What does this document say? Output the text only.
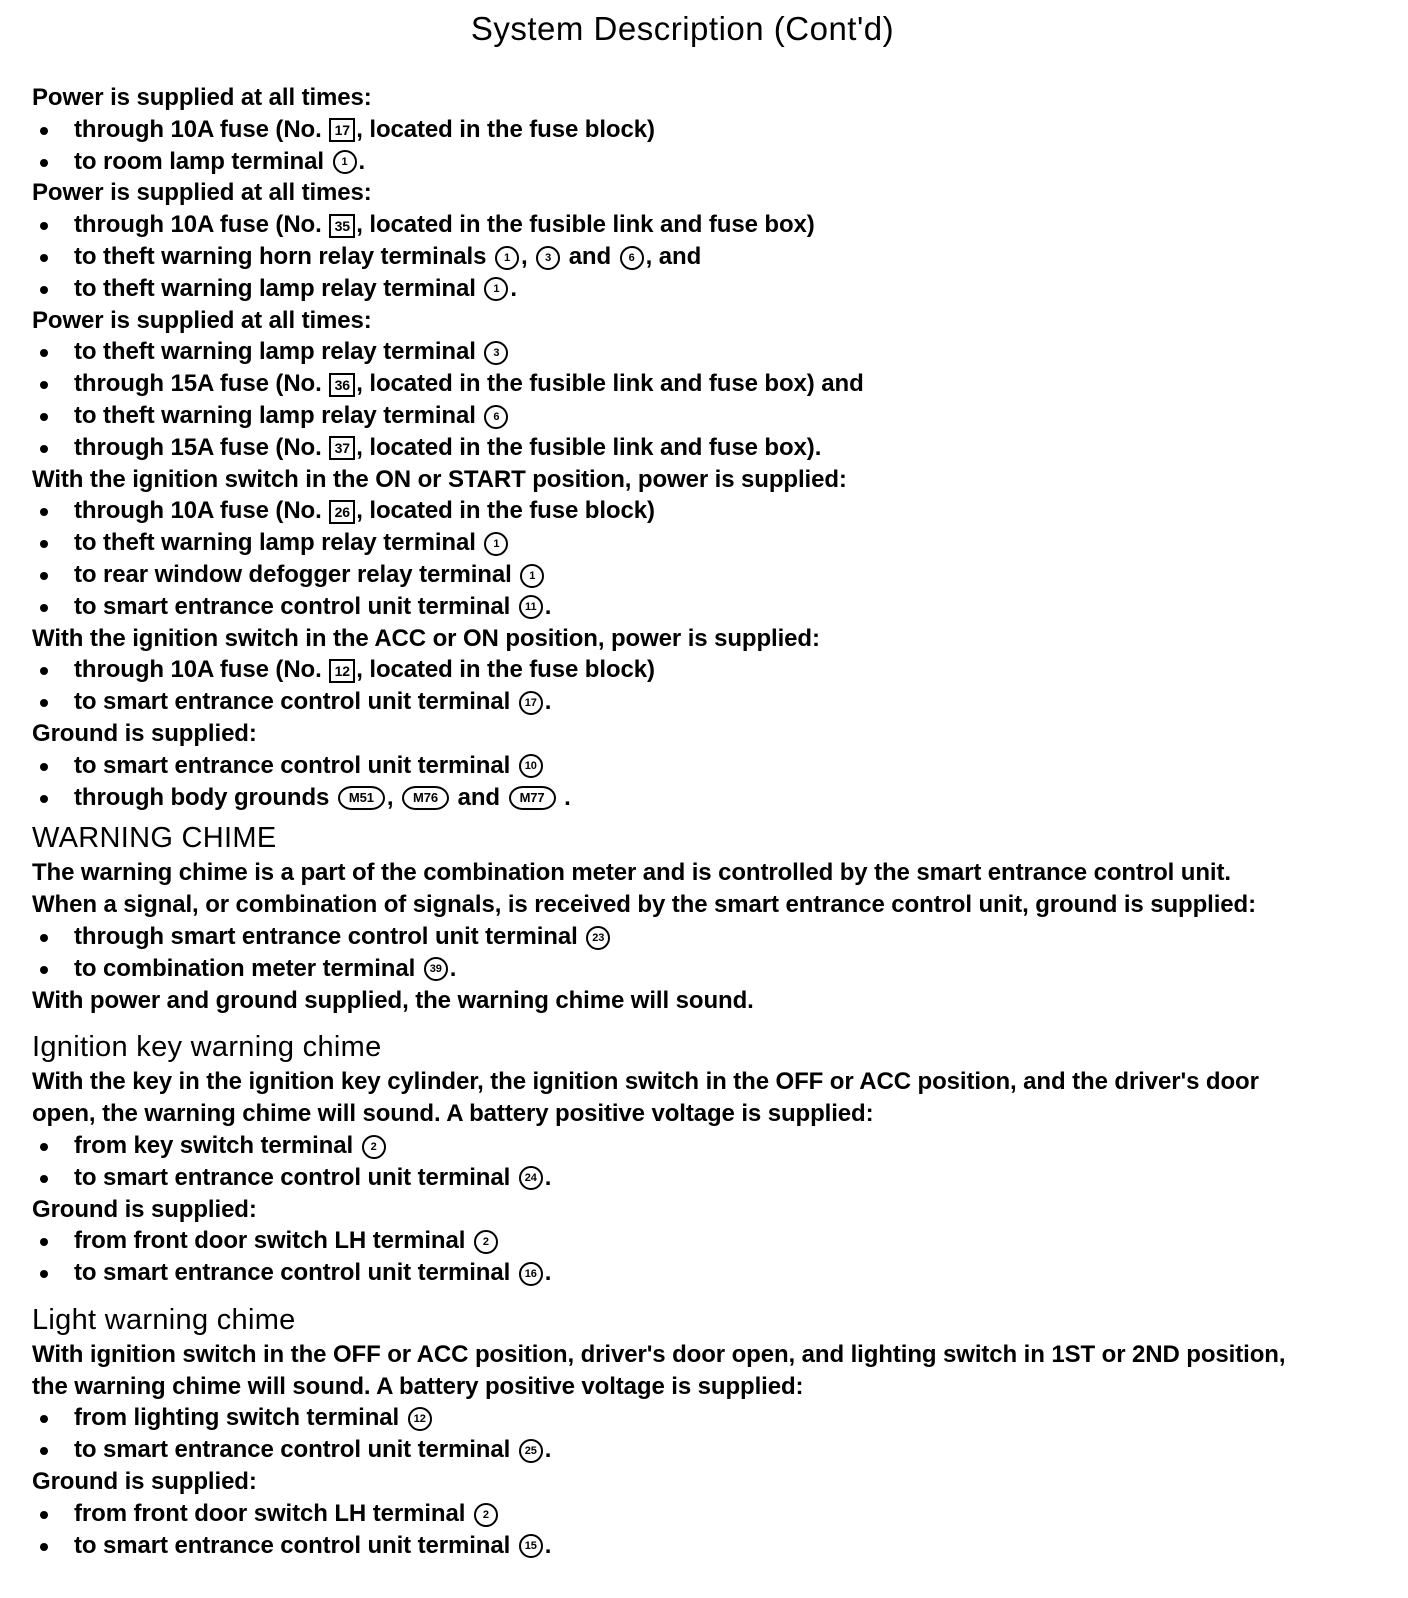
System Description (Cont'd)
Power is supplied at all times:
through 10A fuse (No. 17 , located in the fuse block)
to room lamp terminal 1 .
Power is supplied at all times:
through 10A fuse (No. 35 , located in the fusible link and fuse box)
to theft warning horn relay terminals 1 , 3 and 6 , and
to theft warning lamp relay terminal 1 .
Power is supplied at all times:
to theft warning lamp relay terminal 3
through 15A fuse (No. 36 , located in the fusible link and fuse box) and
to theft warning lamp relay terminal 6
through 15A fuse (No. 37 , located in the fusible link and fuse box).
With the ignition switch in the ON or START position, power is supplied:
through 10A fuse (No. 26 , located in the fuse block)
to theft warning lamp relay terminal 1
to rear window defogger relay terminal 1
to smart entrance control unit terminal 11 .
With the ignition switch in the ACC or ON position, power is supplied:
through 10A fuse (No. 12 , located in the fuse block)
to smart entrance control unit terminal 17 .
Ground is supplied:
to smart entrance control unit terminal 10
through body grounds M51 , M76 and M77 .
WARNING CHIME
The warning chime is a part of the combination meter and is controlled by the smart entrance control unit.
When a signal, or combination of signals, is received by the smart entrance control unit, ground is supplied:
through smart entrance control unit terminal 23
to combination meter terminal 39 .
With power and ground supplied, the warning chime will sound.
Ignition key warning chime
With the key in the ignition key cylinder, the ignition switch in the OFF or ACC position, and the driver's door
open, the warning chime will sound. A battery positive voltage is supplied:
from key switch terminal 2
to smart entrance control unit terminal 24 .
Ground is supplied:
from front door switch LH terminal 2
to smart entrance control unit terminal 16 .
Light warning chime
With ignition switch in the OFF or ACC position, driver's door open, and lighting switch in 1ST or 2ND position,
the warning chime will sound. A battery positive voltage is supplied:
from lighting switch terminal 12
to smart entrance control unit terminal 25 .
Ground is supplied:
from front door switch LH terminal 2
to smart entrance control unit terminal 15 .
